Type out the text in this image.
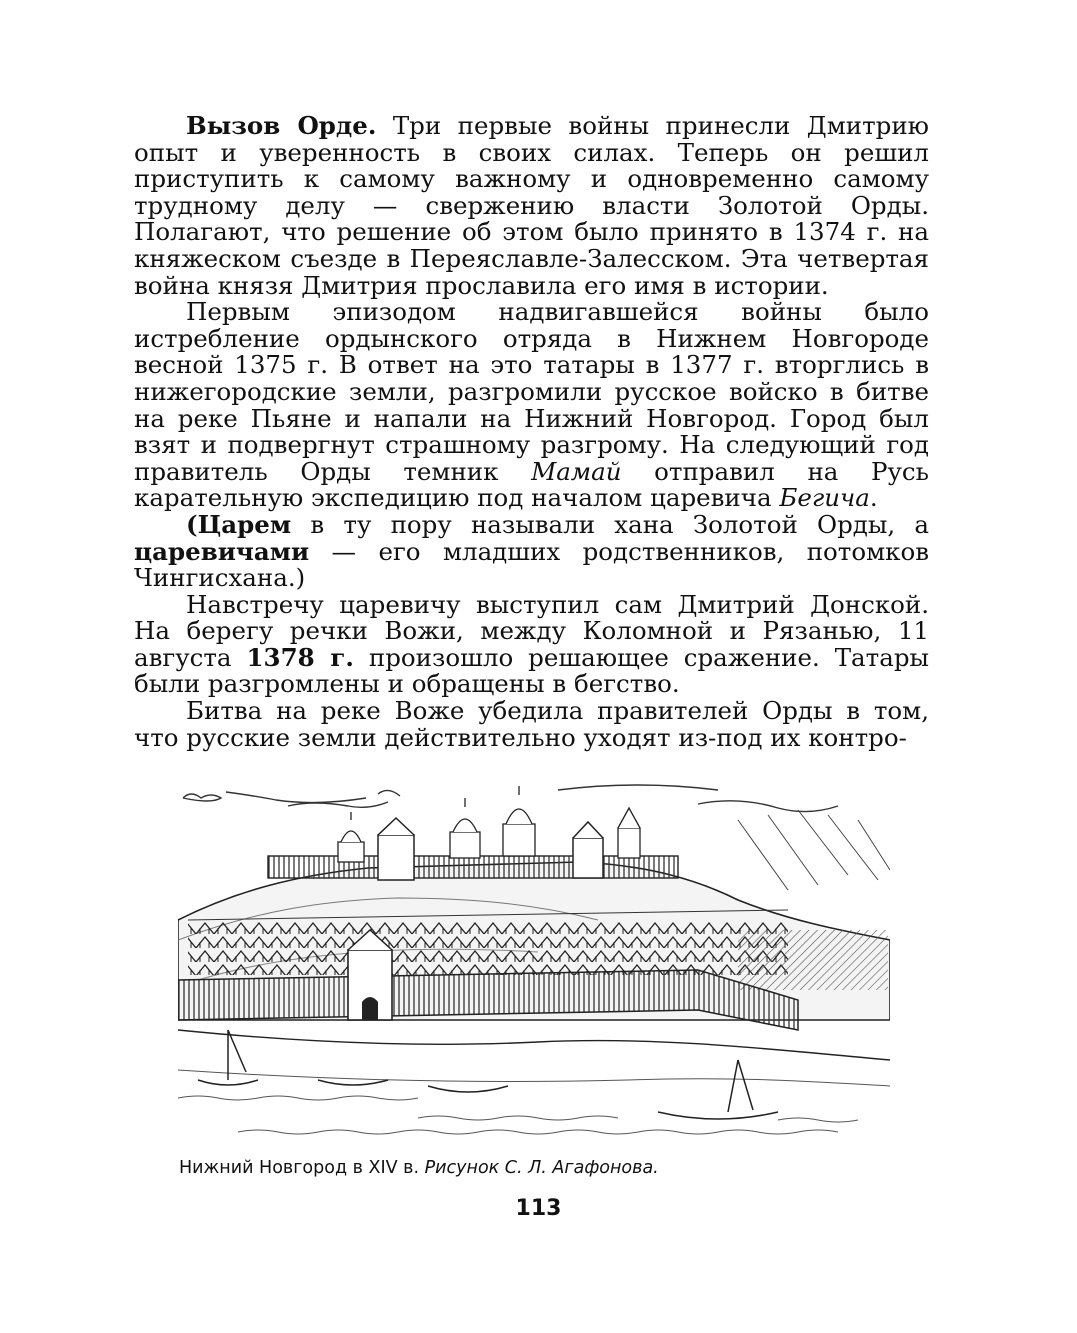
Вызов Орде. Три первые войны принесли Дмитрию опыт и уверенность в своих силах. Теперь он решил приступить к самому важному и одновременно самому трудному делу — свержению власти Золотой Орды. Полагают, что решение об этом было принято в 1374 г. на княжеском съезде в Переяславле-Залесском. Эта четвертая война князя Дмитрия прославила его имя в истории.

Первым эпизодом надвигавшейся войны было истребление ордынского отряда в Нижнем Новгороде весной 1375 г. В ответ на это татары в 1377 г. вторглись в нижегородские земли, разгромили русское войско в битве на реке Пьяне и напали на Нижний Новгород. Город был взят и подвергнут страшному разгрому. На следующий год правитель Орды темник Мамай отправил на Русь карательную экспедицию под началом царевича Бегича.

(Царем в ту пору называли хана Золотой Орды, а царевичами — его младших родственников, потомков Чингисхана.)

Навстречу царевичу выступил сам Дмитрий Донской. На берегу речки Вожи, между Коломной и Рязанью, 11 августа 1378 г. произошло решающее сражение. Татары были разгромлены и обращены в бегство.

Битва на реке Воже убедила правителей Орды в том, что русские земли действительно уходят из-под их контро-

Нижний Новгород в XIV в. Рисунок С. Л. Агафонова.
113
